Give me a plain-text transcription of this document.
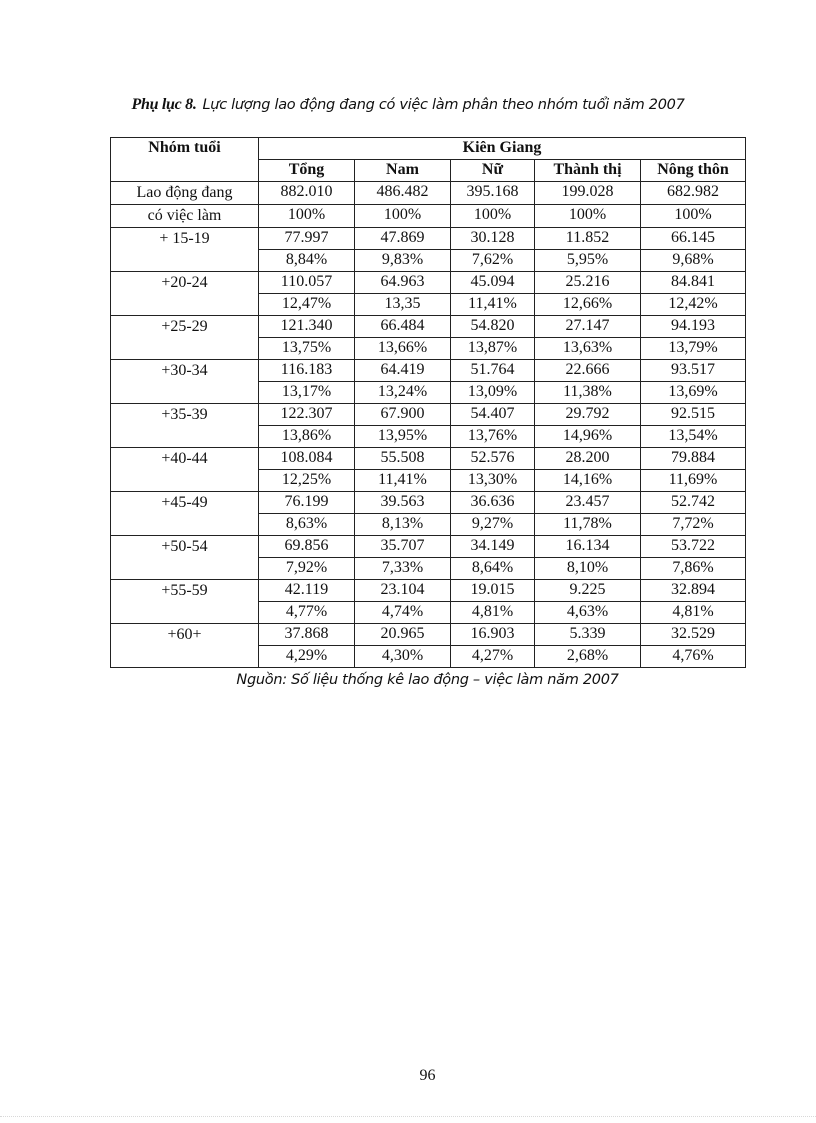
Phụ lục 8. Lực lượng lao động đang có việc làm phân theo nhóm tuổi năm 2007
Nhóm tuổi	Kiên Giang				
	Tổng	Nam	Nữ	Thành thị	Nông thôn
Lao động đang	882.010	486.482	395.168	199.028	682.982
có việc làm	100%	100%	100%	100%	100%
+ 15-19	77.997	47.869	30.128	11.852	66.145
	8,84%	9,83%	7,62%	5,95%	9,68%
+20-24	110.057	64.963	45.094	25.216	84.841
	12,47%	13,35	11,41%	12,66%	12,42%
+25-29	121.340	66.484	54.820	27.147	94.193
	13,75%	13,66%	13,87%	13,63%	13,79%
+30-34	116.183	64.419	51.764	22.666	93.517
	13,17%	13,24%	13,09%	11,38%	13,69%
+35-39	122.307	67.900	54.407	29.792	92.515
	13,86%	13,95%	13,76%	14,96%	13,54%
+40-44	108.084	55.508	52.576	28.200	79.884
	12,25%	11,41%	13,30%	14,16%	11,69%
+45-49	76.199	39.563	36.636	23.457	52.742
	8,63%	8,13%	9,27%	11,78%	7,72%
+50-54	69.856	35.707	34.149	16.134	53.722
	7,92%	7,33%	8,64%	8,10%	7,86%
+55-59	42.119	23.104	19.015	9.225	32.894
	4,77%	4,74%	4,81%	4,63%	4,81%
+60+	37.868	20.965	16.903	5.339	32.529
	4,29%	4,30%	4,27%	2,68%	4,76%
Nguồn: Số liệu thống kê lao động – việc làm năm 2007
96
